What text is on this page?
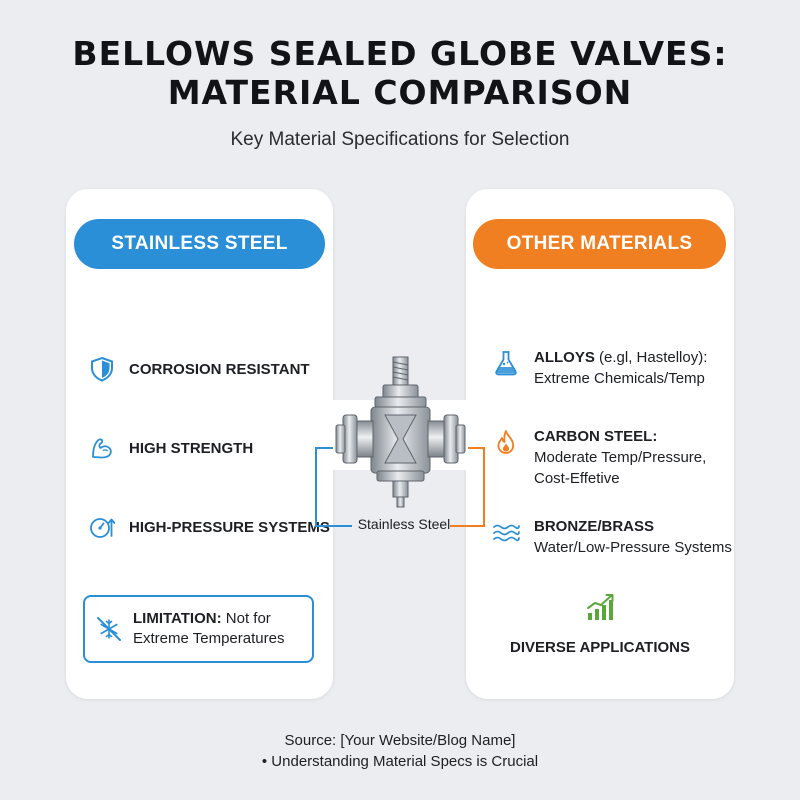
BELLOWS SEALED GLOBE VALVES:
MATERIAL COMPARISON

Key Material Specifications for Selection

STAINLESS STEEL
CORROSION RESISTANT
HIGH STRENGTH
HIGH-PRESSURE SYSTEMS
LIMITATION: Not for
Extreme Temperatures
OTHER MATERIALS
ALLOYS (e.gl, Hastelloy):
Extreme Chemicals/Temp
CARBON STEEL:
Moderate Temp/Pressure,
Cost-Effetive
BRONZE/BRASS
Water/Low-Pressure Systems
DIVERSE APPLICATIONS
Stainless Steel
Source: [Your Website/Blog Name]
• Understanding Material Specs is Crucial
